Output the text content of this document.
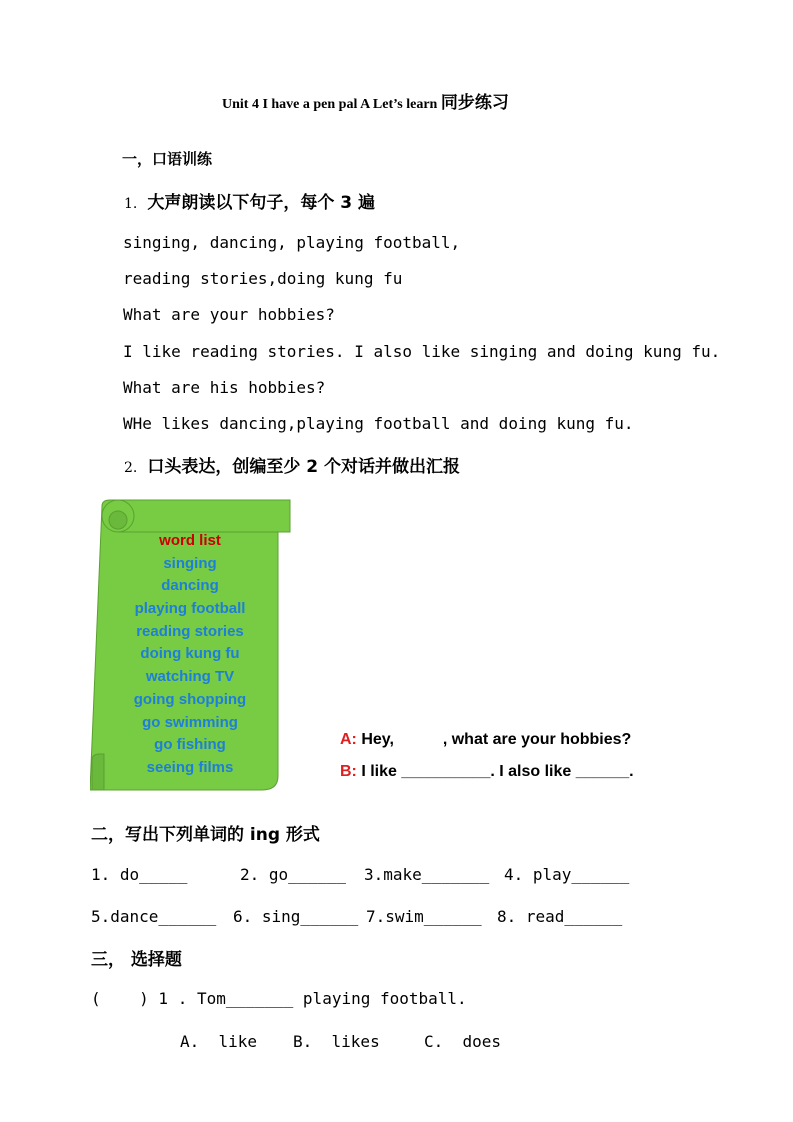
Unit 4 I have a pen pal A Let’s learn 同步练习
一，口语训练
1. 大声朗读以下句子，每个 3 遍
singing, dancing, playing football,
reading stories,doing kung fu
What are your hobbies?
I like reading stories. I also like singing and doing kung fu.
What are his hobbies?
WHe likes dancing,playing football and doing kung fu.
2. 口头表达，创编至少 2 个对话并做出汇报
word list
singing
dancing
playing football
reading stories
doing kung fu
watching TV
going shopping
go swimming
go fishing
seeing films
A: Hey,           , what are your hobbies?
B: I like __________. I also like ______.
二，写出下列单词的 ing 形式
1. do_____	2. go______ 3.make_______ 4. play______
5.dance______ 6. sing______ 7.swim______ 8. read______
三， 选择题
(    ) 1 . Tom_______ playing football.
A.  like B.  likes	C.  does
